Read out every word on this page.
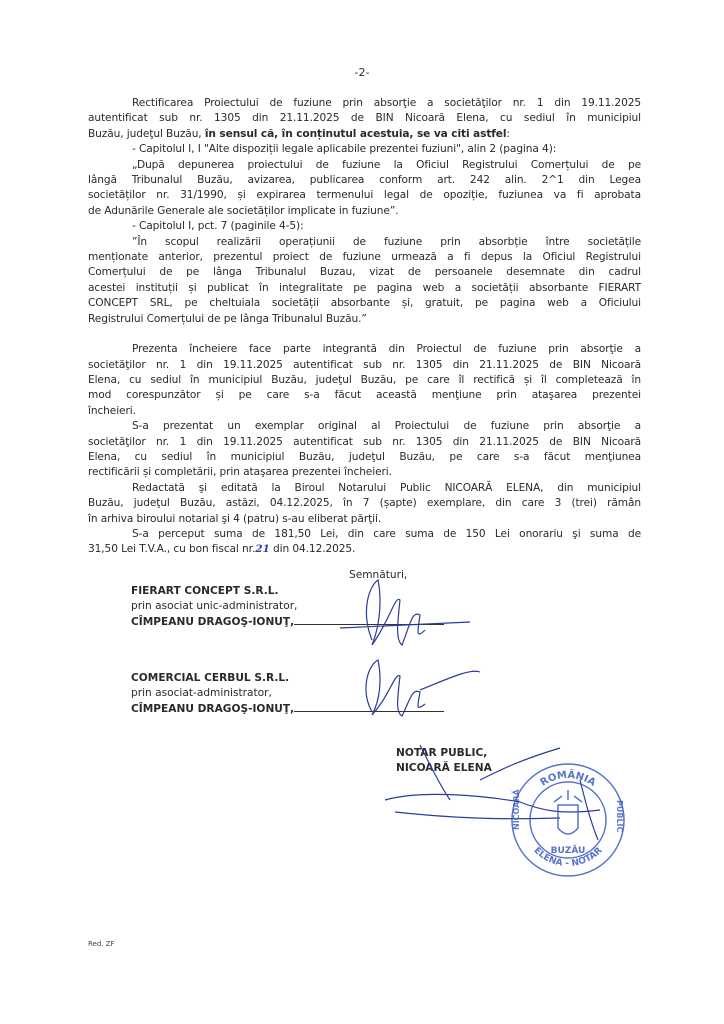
-2-
Rectificarea Proiectului de fuziune prin absorţie a societăţilor nr. 1 din 19.11.2025
autentificat sub nr. 1305 din 21.11.2025 de BIN Nicoară Elena, cu sediul în municipiul
Buzău, judeţul Buzău, în sensul că, în conținutul acestuia, se va citi astfel:
- Capitolul I, I "Alte dispoziții legale aplicabile prezentei fuziuni", alin 2 (pagina 4):
„După depunerea proiectului de fuziune la Oficiul Registrului Comerțului de pe
lângă Tribunalul Buzău, avizarea, publicarea conform art. 242 alin. 2^1 din Legea
societăților nr. 31/1990, și expirarea termenului legal de opoziție, fuziunea va fi aprobata
de Adunările Generale ale societăților implicate in fuziune”.
- Capitolul I, pct. 7 (paginile 4-5):
”În scopul realizării operațiunii de fuziune prin absorbție între societățile
menționate anterior, prezentul proiect de fuziune urmează a fi depus la Oficiul Registrului
Comerțului de pe lânga Tribunalul Buzau, vizat de persoanele desemnate din cadrul
acestei instituții și publicat în integralitate pe pagina web a societății absorbante FIERART
CONCEPT SRL, pe cheltuiala societății absorbante și, gratuit, pe pagina web a Oficiului
Registrului Comerțului de pe lânga Tribunalul Buzău.”
Prezenta încheiere face parte integrantă din Proiectul de fuziune prin absorţie a
societăţilor nr. 1 din 19.11.2025 autentificat sub nr. 1305 din 21.11.2025 de BIN Nicoară
Elena, cu sediul în municipiul Buzău, judeţul Buzău, pe care îl rectifică și îl completează în
mod corespunzător și pe care s-a făcut această menţiune prin ataşarea prezentei
încheieri.
S-a prezentat un exemplar original al Proiectului de fuziune prin absorţie a
societăţilor nr. 1 din 19.11.2025 autentificat sub nr. 1305 din 21.11.2025 de BIN Nicoară
Elena, cu sediul în municipiul Buzău, judeţul Buzău, pe care s-a făcut menţiunea
rectificării și completării, prin ataşarea prezentei încheieri.
Redactată şi editată la Biroul Notarului Public NICOARĂ ELENA, din municipiul
Buzău, judeţul Buzău, astăzi, 04.12.2025, în 7 (șapte) exemplare, din care 3 (trei) rămân
în arhiva biroului notarial şi 4 (patru) s-au eliberat părţii.
S-a perceput suma de 181,50 Lei, din care suma de 150 Lei onorariu şi suma de
31,50 Lei T.V.A., cu bon fiscal nr.21 din 04.12.2025.
Semnături,
FIERART CONCEPT S.R.L.
prin asociat unic-administrator,
CÎMPEANU DRAGOŞ-IONUŢ,
COMERCIAL CERBUL S.R.L.
prin asociat-administrator,
CÎMPEANU DRAGOŞ-IONUŢ,
NOTAR PUBLIC,
NICOARĂ ELENA
ROMÂNIA
ELENA - NOTAR
BUZĂU
NICOARĂ	PUBLIC
Red. ZF
